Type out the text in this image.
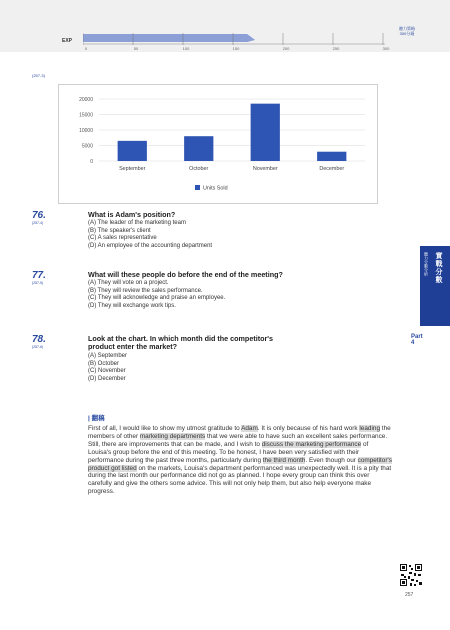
EXP
0	50	100	150	200	250	300
聽力策略
300分鐘
(257-3)
20000
15000
10000
5000
0
September	October	November	December
Units Sold
76.
(257-4)
What is Adam's position?
(A) The leader of the marketing team
(B) The speaker's client
(C) A sales representative
(D) An employee of the accounting department
77.
(257-5)
What will these people do before the end of the meeting?
(A) They will vote on a project.
(B) They will review the sales performance.
(C) They will acknowledge and praise an employee.
(D) They will exchange work tips.
78.
(257-6)
Look at the chart. In which month did the competitor's
product enter the market?
(A) September
(B) October
(C) November
(D) December
實戰分數
聽力分數分析
Part
4
| 翻稿
First of all, I would like to show my utmost gratitude to Adam. It is only because of his hard work leading the members of other marketing departments that we were able to have such an excellent sales performance. Still, there are improvements that can be made, and I wish to discuss the marketing performance of Louisa's group before the end of this meeting. To be honest, I have been very satisfied with their performance during the past three months, particularly during the third month. Even though our competitor's product got listed on the markets, Louisa's department performanced was unexpectedly well. It is a pity that during the last month our performance did not go as planned. I hope every group can think this over carefully and give the others some advice. This will not only help them, but also help everyone make progress.
257
